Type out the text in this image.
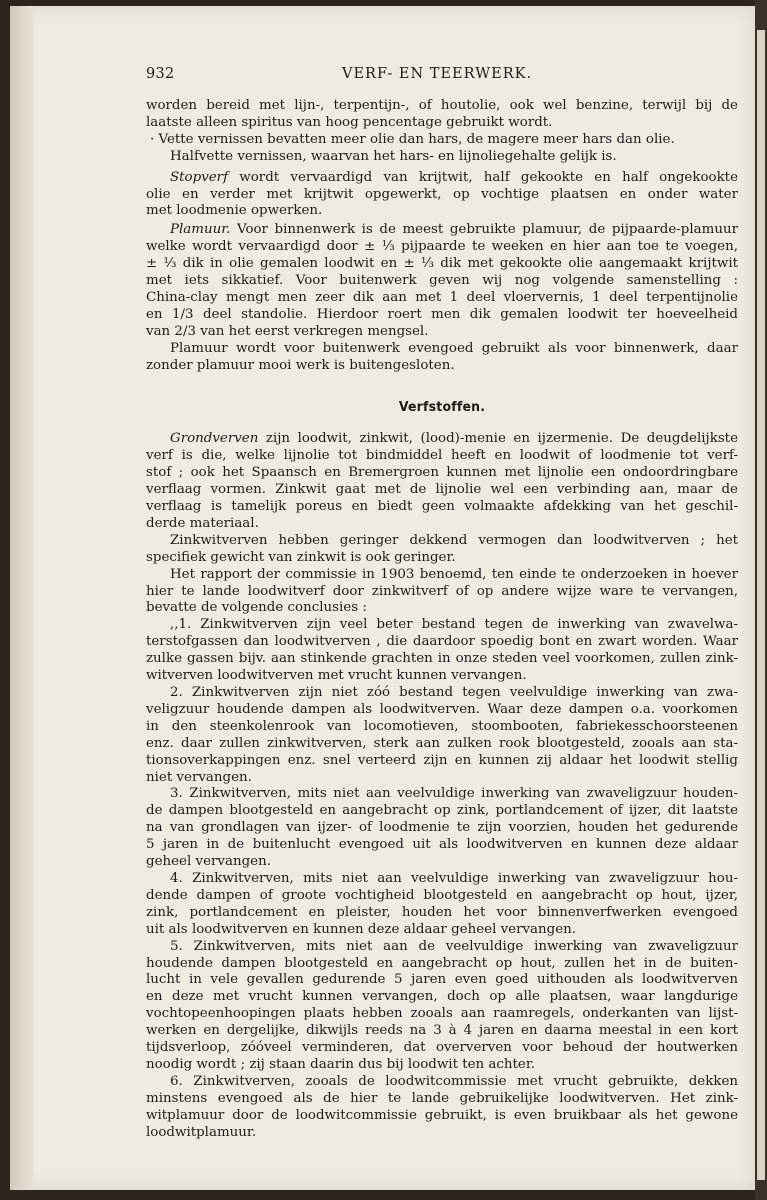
932	VERF- EN TEERWERK.
worden bereid met lijn-, terpentijn-, of houtolie, ook wel benzine, terwijl bij de
laatste alleen spiritus van hoog pencentage gebruikt wordt.
· Vette vernissen bevatten meer olie dan hars, de magere meer hars dan olie.
Halfvette vernissen, waarvan het hars- en lijnoliegehalte gelijk is.
Stopverf wordt vervaardigd van krijtwit, half gekookte en half ongekookte
olie en verder met krijtwit opgewerkt, op vochtige plaatsen en onder water
met loodmenie opwerken.
Plamuur. Voor binnenwerk is de meest gebruikte plamuur, de pijpaarde-plamuur
welke wordt vervaardigd door ± ⅓ pijpaarde te weeken en hier aan toe te voegen,
± ⅓ dik in olie gemalen loodwit en ± ⅓ dik met gekookte olie aangemaakt krijtwit
met iets sikkatief. Voor buitenwerk geven wij nog volgende samenstelling :
China-clay mengt men zeer dik aan met 1 deel vloervernis, 1 deel terpentijnolie
en 1/3 deel standolie. Hierdoor roert men dik gemalen loodwit ter hoeveelheid
van 2/3 van het eerst verkregen mengsel.
Plamuur wordt voor buitenwerk evengoed gebruikt als voor binnenwerk, daar
zonder plamuur mooi werk is buitengesloten.
Verfstoffen.
Grondverven zijn loodwit, zinkwit, (lood)-menie en ijzermenie. De deugdelijkste
verf is die, welke lijnolie tot bindmiddel heeft en loodwit of loodmenie tot verf-
stof ; ook het Spaansch en Bremergroen kunnen met lijnolie een ondoordringbare
verflaag vormen. Zinkwit gaat met de lijnolie wel een verbinding aan, maar de
verflaag is tamelijk poreus en biedt geen volmaakte afdekking van het geschil-
derde materiaal.
Zinkwitverven hebben geringer dekkend vermogen dan loodwitverven ; het
specifiek gewicht van zinkwit is ook geringer.
Het rapport der commissie in 1903 benoemd, ten einde te onderzoeken in hoever
hier te lande loodwitverf door zinkwitverf of op andere wijze ware te vervangen,
bevatte de volgende conclusies :
,,1. Zinkwitverven zijn veel beter bestand tegen de inwerking van zwavelwa-
terstofgassen dan loodwitverven , die daardoor spoedig bont en zwart worden. Waar
zulke gassen bijv. aan stinkende grachten in onze steden veel voorkomen, zullen zink-
witverven loodwitverven met vrucht kunnen vervangen.
2. Zinkwitverven zijn niet zóó bestand tegen veelvuldige inwerking van zwa-
veligzuur houdende dampen als loodwitverven. Waar deze dampen o.a. voorkomen
in den steenkolenrook van locomotieven, stoombooten, fabriekesschoorsteenen
enz. daar zullen zinkwitverven, sterk aan zulken rook blootgesteld, zooals aan sta-
tionsoverkappingen enz. snel verteerd zijn en kunnen zij aldaar het loodwit stellig
niet vervangen.
3. Zinkwitverven, mits niet aan veelvuldige inwerking van zwaveligzuur houden-
de dampen blootgesteld en aangebracht op zink, portlandcement of ijzer, dit laatste
na van grondlagen van ijzer- of loodmenie te zijn voorzien, houden het gedurende
5 jaren in de buitenlucht evengoed uit als loodwitverven en kunnen deze aldaar
geheel vervangen.
4. Zinkwitverven, mits niet aan veelvuldige inwerking van zwaveligzuur hou-
dende dampen of groote vochtigheid blootgesteld en aangebracht op hout, ijzer,
zink, portlandcement en pleister, houden het voor binnenverfwerken evengoed
uit als loodwitverven en kunnen deze aldaar geheel vervangen.
5. Zinkwitverven, mits niet aan de veelvuldige inwerking van zwaveligzuur
houdende dampen blootgesteld en aangebracht op hout, zullen het in de buiten-
lucht in vele gevallen gedurende 5 jaren even goed uithouden als loodwitverven
en deze met vrucht kunnen vervangen, doch op alle plaatsen, waar langdurige
vochtopeenhoopingen plaats hebben zooals aan raamregels, onderkanten van lijst-
werken en dergelijke, dikwijls reeds na 3 à 4 jaren en daarna meestal in een kort
tijdsverloop, zóóveel verminderen, dat oververven voor behoud der houtwerken
noodig wordt ; zij staan daarin dus bij loodwit ten achter.
6. Zinkwitverven, zooals de loodwitcommissie met vrucht gebruikte, dekken
minstens evengoed als de hier te lande gebruikelijke loodwitverven. Het zink-
witplamuur door de loodwitcommissie gebruikt, is even bruikbaar als het gewone
loodwitplamuur.
